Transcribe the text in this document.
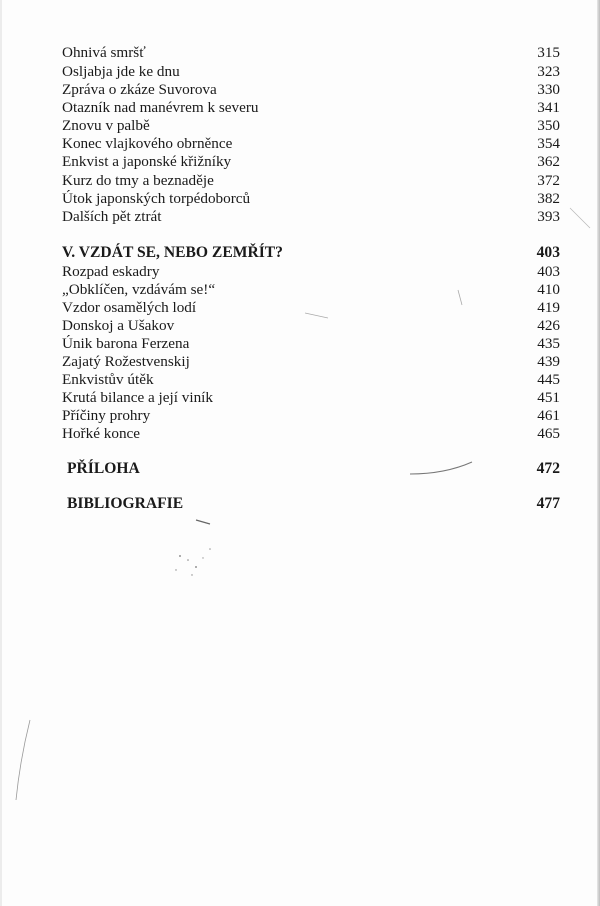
Ohnivá smršť	315
Osljabja jde ke dnu	323
Zpráva o zkáze Suvorova	330
Otazník nad manévrem k severu	341
Znovu v palbě	350
Konec vlajkového obrněnce	354
Enkvist a japonské křižníky	362
Kurz do tmy a beznaděje	372
Útok japonských torpédoborců	382
Dalších pět ztrát	393
V. VZDÁT SE, NEBO ZEMŘÍT?	403
Rozpad eskadry	403
„Obklíčen, vzdávám se!“	410
Vzdor osamělých lodí	419
Donskoj a Ušakov	426
Únik barona Ferzena	435
Zajatý Rožestvenskij	439
Enkvistův útěk	445
Krutá bilance a její viník	451
Příčiny prohry	461
Hořké konce	465
PŘÍLOHA	472
BIBLIOGRAFIE	477
